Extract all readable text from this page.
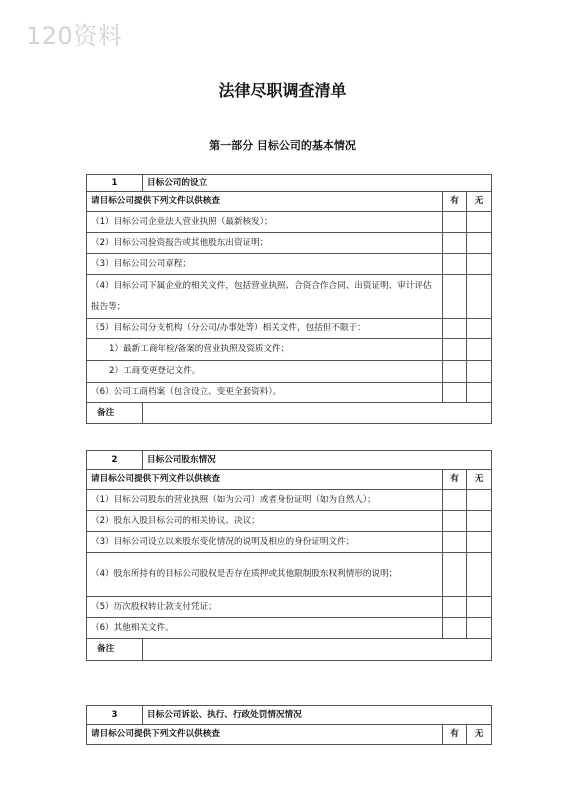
120资料
法律尽职调查清单
第一部分 目标公司的基本情况
1	目标公司的设立		
请目标公司提供下列文件以供核查		有	无
（1）目标公司企业法人营业执照（最新核发）；			
（2）目标公司验资报告或其他股东出资证明；			
（3）目标公司公司章程；			
（4）目标公司下属企业的相关文件，包括营业执照、合资合作合同、出资证明、审计评估报告等；			
（5）目标公司分支机构（分公司/办事处等）相关文件，包括但不限于：			
1）最新工商年检/备案的营业执照及资质文件；			
2）工商变更登记文件。			
（6）公司工商档案（包含设立、变更全套资料）。			
备注			
2	目标公司股东情况		
请目标公司提供下列文件以供核查		有	无
（1）目标公司股东的营业执照（如为公司）或者身份证明（如为自然人）；			
（2）股东入股目标公司的相关协议、决议；			
（3）目标公司设立以来股东变化情况的说明及相应的身份证明文件；			
（4）股东所持有的目标公司股权是否存在质押或其他限制股东权利情形的说明；			
（5）历次股权转让款支付凭证；			
（6）其他相关文件。			
备注			
3	目标公司诉讼、执行、行政处罚情况情况		
请目标公司提供下列文件以供核查		有	无
